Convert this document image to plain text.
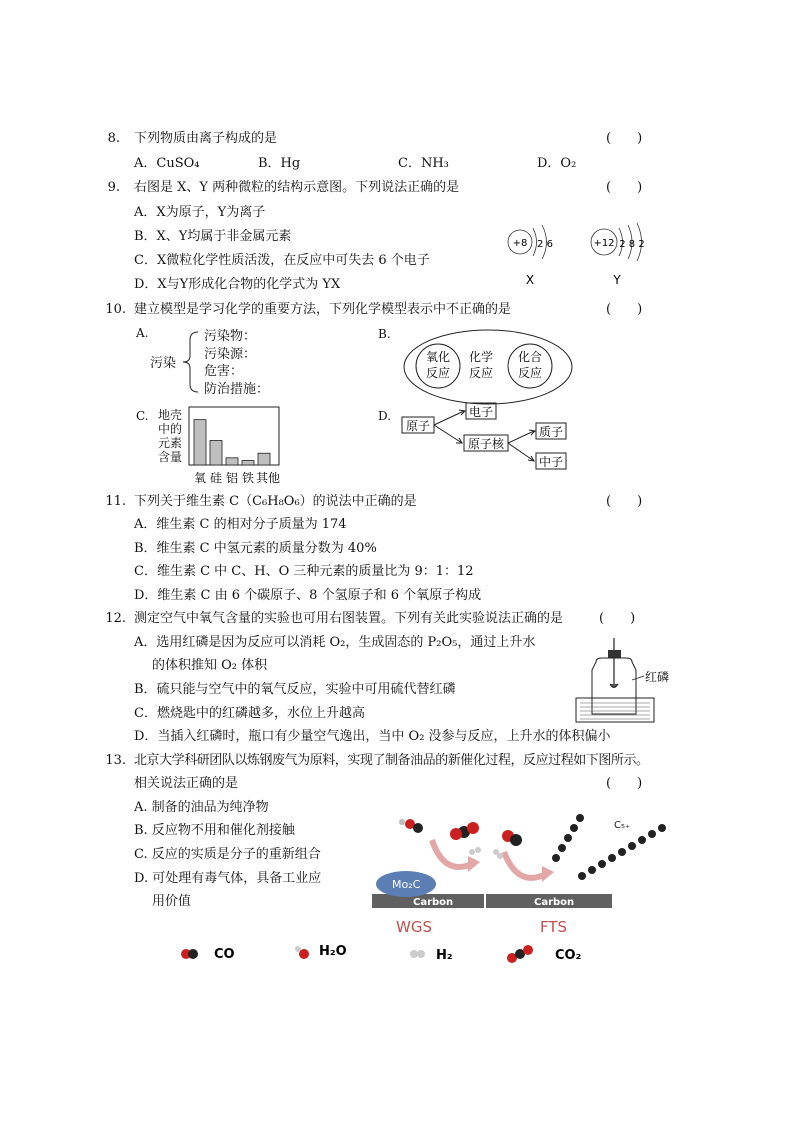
8. 下列物质由离子构成的是	(　　)
A．CuSO₄	B．Hg	C．NH₃	D．O₂
9. 右图是 X、Y 两种微粒的结构示意图。下列说法正确的是	(　　)
A．X为原子，Y为离子
B．X、Y均属于非金属元素
C．X微粒化学性质活泼，在反应中可失去 6 个电子
D．X与Y形成化合物的化学式为 YX
+8 2 6
X
+12 2 8 2
Y
10. 建立模型是学习化学的重要方法，下列化学模型表示中不正确的是	(　　)
A.
污染
污染物：
污染源：
危害：
防治措施：
B.
氧化
反应
化学
反应
化合
反应
C. 地壳
中的
元素
含量
氧 硅 铝 铁 其他
D.
原子
电子
原子核
质子
中子
11. 下列关于维生素 C（C₆H₈O₆）的说法中正确的是	(　　)
A．维生素 C 的相对分子质量为 174
B．维生素 C 中氢元素的质量分数为 40%
C．维生素 C 中 C、H、O 三种元素的质量比为 9：1：12
D．维生素 C 由 6 个碳原子、8 个氢原子和 6 个氧原子构成
12. 测定空气中氧气含量的实验也可用右图装置。下列有关此实验说法正确的是	(　　)
A．选用红磷是因为反应可以消耗 O₂，生成固态的 P₂O₅，通过上升水
的体积推知 O₂ 体积
B．硫只能与空气中的氧气反应，实验中可用硫代替红磷
C．燃烧匙中的红磷越多，水位上升越高
D．当插入红磷时，瓶口有少量空气逸出，当中 O₂ 没参与反应，上升水的体积偏小
红磷
13. 北京大学科研团队以炼钢废气为原料，实现了制备油品的新催化过程，反应过程如下图所示。
相关说法正确的是	(　　)
A. 制备的油品为纯净物
B. 反应物不用和催化剂接触
C. 反应的实质是分子的重新组合
D. 可处理有毒气体，具备工业应
用价值	Carbon	Carbon
Mo₂C
C₅₊
WGS	FTS
CO	H₂O	H₂	CO₂
